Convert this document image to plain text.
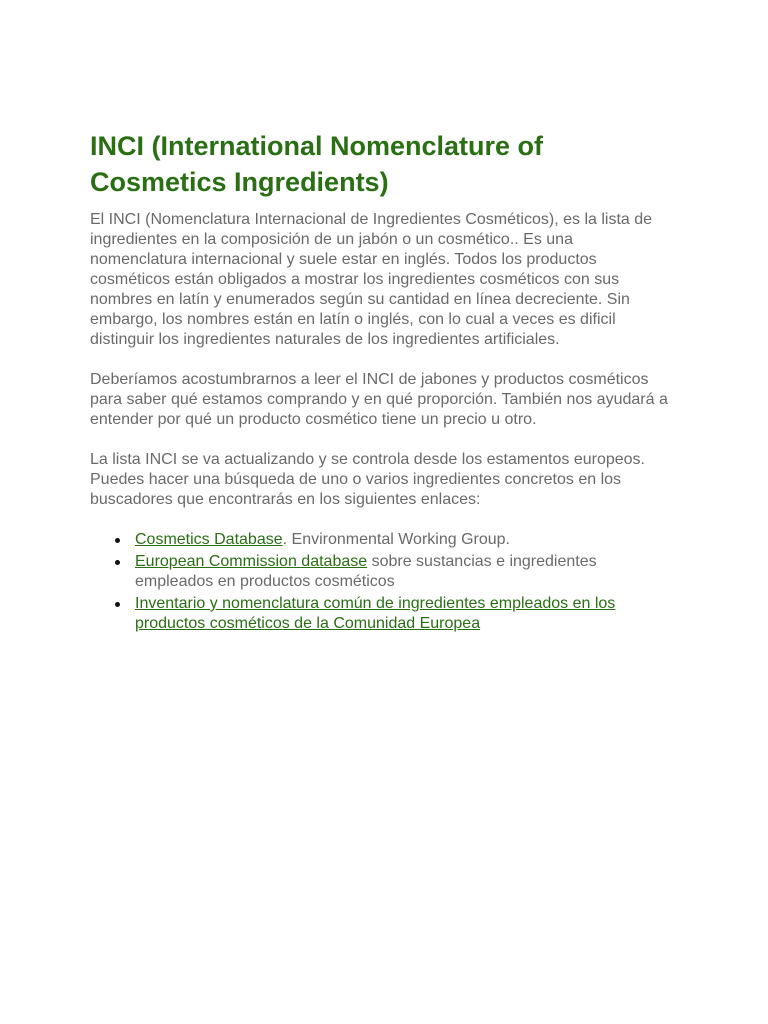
INCI (International Nomenclature of Cosmetics Ingredients)

El INCI (Nomenclatura Internacional de Ingredientes Cosméticos), es la lista de ingredientes en la composición de un jabón o un cosmético.. Es una nomenclatura internacional y suele estar en inglés. Todos los productos cosméticos están obligados a mostrar los ingredientes cosméticos con sus nombres en latín y enumerados según su cantidad en línea decreciente. Sin embargo, los nombres están en latín o inglés, con lo cual a veces es dificil distinguir los ingredientes naturales de los ingredientes artificiales.

Deberíamos acostumbrarnos a leer el INCI de jabones y productos cosméticos para saber qué estamos comprando y en qué proporción. También nos ayudará a entender por qué un producto cosmético tiene un precio u otro.

La lista INCI se va actualizando y se controla desde los estamentos europeos. Puedes hacer una búsqueda de uno o varios ingredientes concretos en los buscadores que encontrarás en los siguientes enlaces:

Cosmetics Database. Environmental Working Group.
European Commission database sobre sustancias e ingredientes empleados en productos cosméticos
Inventario y nomenclatura común de ingredientes empleados en los productos cosméticos de la Comunidad Europea
